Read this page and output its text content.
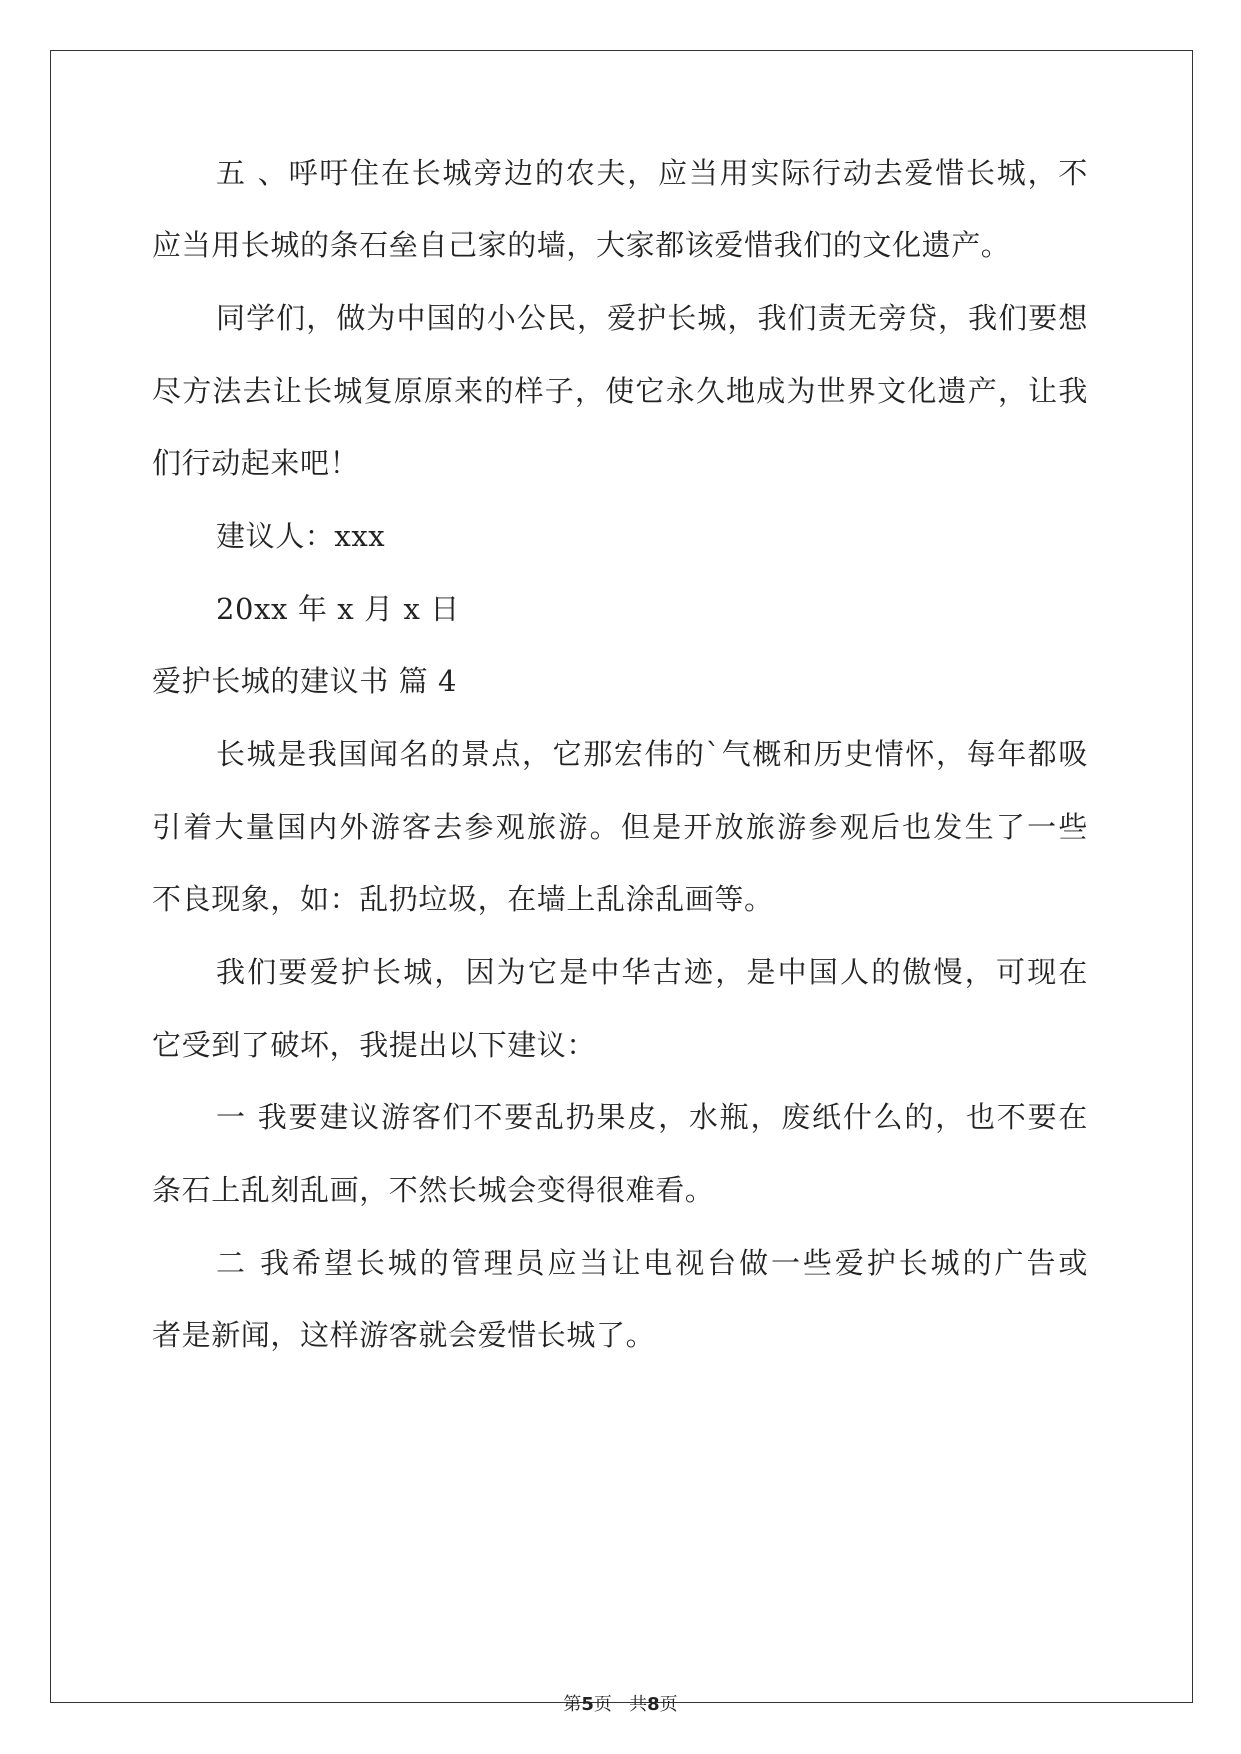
五 、呼吁住在长城旁边的农夫，应当用实际行动去爱惜长城，不
应当用长城的条石垒自己家的墙，大家都该爱惜我们的文化遗产。
同学们，做为中国的小公民，爱护长城，我们责无旁贷，我们要想
尽方法去让长城复原原来的样子，使它永久地成为世界文化遗产，让我
们行动起来吧！
建议人：xxx
20xx 年 x 月 x 日
爱护长城的建议书 篇 4
长城是我国闻名的景点，它那宏伟的`气概和历史情怀，每年都吸
引着大量国内外游客去参观旅游。但是开放旅游参观后也发生了一些
不良现象，如：乱扔垃圾，在墙上乱涂乱画等。
我们要爱护长城，因为它是中华古迹，是中国人的傲慢，可现在
它受到了破坏，我提出以下建议：
一 我要建议游客们不要乱扔果皮，水瓶，废纸什么的，也不要在
条石上乱刻乱画，不然长城会变得很难看。
二 我希望长城的管理员应当让电视台做一些爱护长城的广告或
者是新闻，这样游客就会爱惜长城了。
第5页   共8页
